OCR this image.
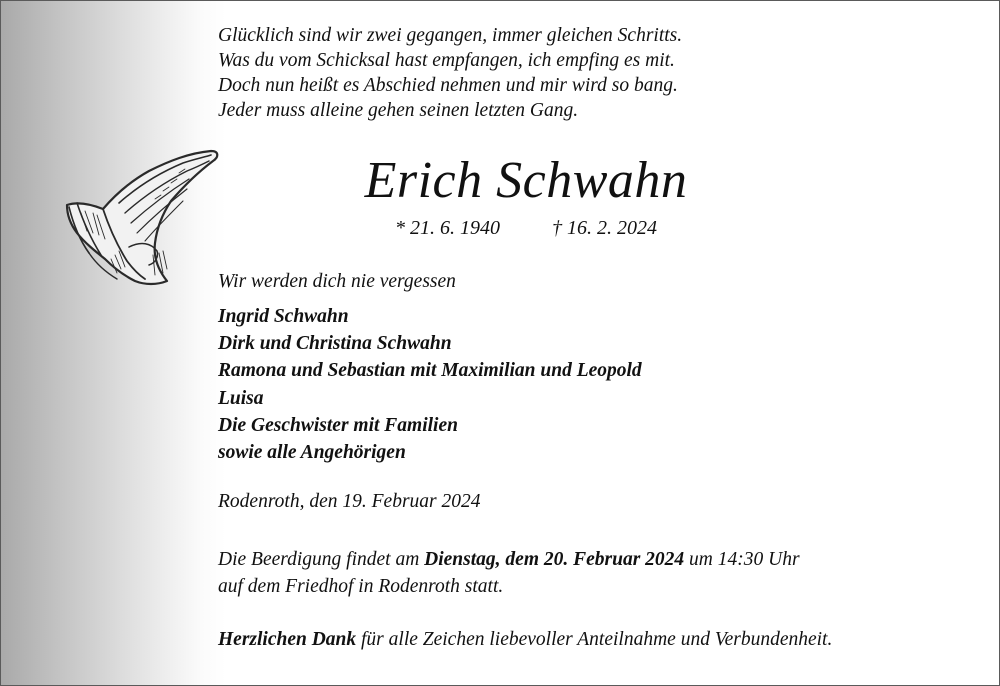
Glücklich sind wir zwei gegangen, immer gleichen Schritts.
Was du vom Schicksal hast empfangen, ich empfing es mit.
Doch nun heißt es Abschied nehmen und mir wird so bang.
Jeder muss alleine gehen seinen letzten Gang.
Erich Schwahn
* 21. 6. 1940	† 16. 2. 2024
Wir werden dich nie vergessen
Ingrid Schwahn
Dirk und Christina Schwahn
Ramona und Sebastian mit Maximilian und Leopold
Luisa
Die Geschwister mit Familien
sowie alle Angehörigen
Rodenroth, den 19. Februar 2024
Die Beerdigung findet am Dienstag, dem 20. Februar 2024 um 14:30 Uhr
auf dem Friedhof in Rodenroth statt.
Herzlichen Dank für alle Zeichen liebevoller Anteilnahme und Verbundenheit.
